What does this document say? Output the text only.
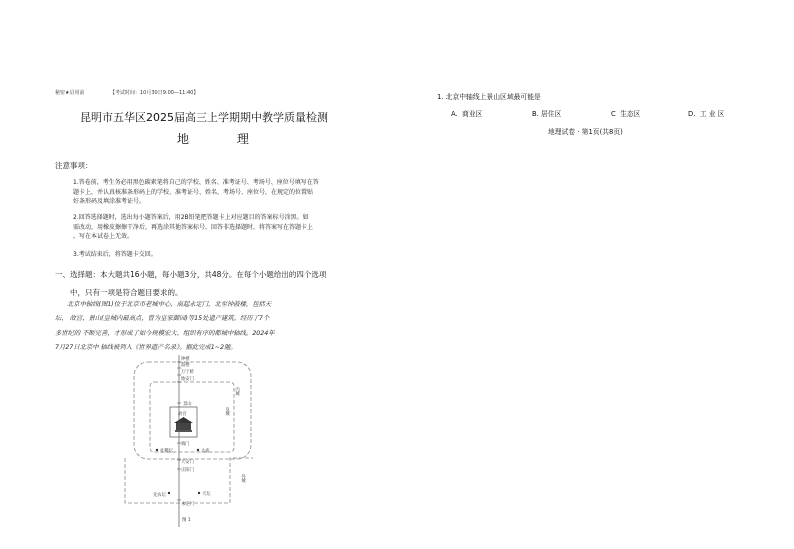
秘密★启用前	【考试时间：10月30日9:00—11:40】
昆明市五华区2025届高三上学期期中教学质量检测
地 理
注意事项：
1.答卷前，考生务必用黑色碳素笔将自己的学校、姓名、准考证号、考场号、座位号填写在答
题卡上，并认真核准条形码上的学校、准考证号、姓名、考场号、座位号，在规定的位置贴
好条形码及填涂准考证号。
2.回答选择题时，选出每小题答案后，用2B铅笔把答题卡上对应题目的答案标号涂黑。如
需改动，用橡皮擦擦干净后，再选涂其他答案标号。回答非选择题时，将答案写在答题卡上
。写在本试卷上无效。
3.考试结束后，将答题卡交回。
一、选择题：本大题共16小题，每小题3分，共48分。在每个小题给出的四个选项
中，只有一项是符合题目要求的。
北京中轴线(图1)位于北京市老城中心，南起永定门，北至钟鼓楼，包括天
坛、 故宫、景山(皇城内最高点，曾为皇家御园)等15处遗产建筑。经历了7个
多世纪的 不断完善，才形成了如今规模宏大、组织有序的都城中轴线。2024年
7月27日北京中 轴线被列入《世界遗产名录》。据此完成1~2题。
钟楼
鼓楼
万宁桥
地安门
景山
故宫
端门
社稷坛	太庙
天安门
正阳门
先农坛	天坛
永定门
内城
皇城
外城
图 1
1. 北京中轴线上景山区域最可能是
A. 商业区	B. 居住区	C 生态区	D. 工 业 区
地理试卷 · 第1页(共8页)
